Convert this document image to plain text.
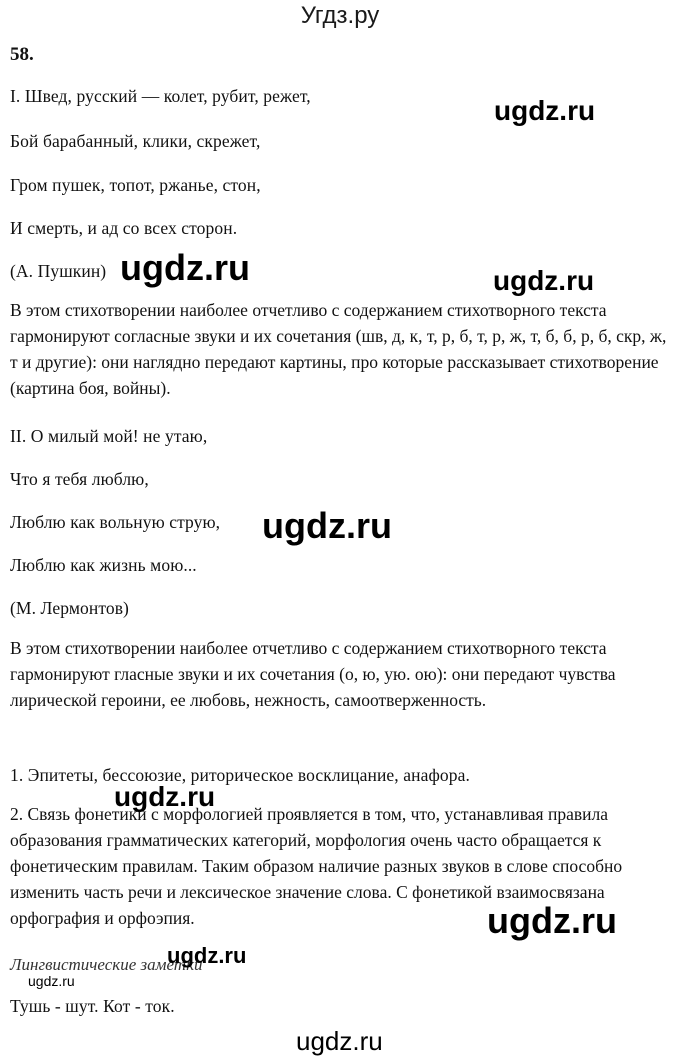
Угдз.ру
58.
I. Швед, русский — колет, рубит, режет,
Бой барабанный, клики, скрежет,
Гром пушек, топот, ржанье, стон,
И смерть, и ад со всех сторон.
(А. Пушкин)
В этом стихотворении наиболее отчетливо с содержанием стихотворного текста гармонируют согласные звуки и их сочетания (шв, д, к, т, р, б, т, р, ж, т, б, б, р, б, скр, ж, т и другие): они наглядно передают картины, про которые рассказывает стихотворение (картина боя, войны).
II. О милый мой! не утаю,
Что я тебя люблю,
Люблю как вольную струю,
Люблю как жизнь мою...
(М. Лермонтов)
В этом стихотворении наиболее отчетливо с содержанием стихотворного текста гармонируют гласные звуки и их сочетания (о, ю, ую. ою): они передают чувства лирической героини, ее любовь, нежность, самоотверженность.
1. Эпитеты, бессоюзие, риторическое восклицание, анафора.
2. Связь фонетики с морфологией проявляется в том, что, устанавливая правила образования грамматических категорий, морфология очень часто обращается к фонетическим правилам. Таким образом наличие разных звуков в слове способно изменить часть речи и лексическое значение слова. С фонетикой взаимосвязана орфография и орфоэпия.
Лингвистические заметки
Тушь - шут. Кот - ток.
ugdz.ru
ugdz.ru	ugdz.ru
ugdz.ru
ugdz.ru
ugdz.ru
ugdz.ru
ugdz.ru
ugdz.ru
